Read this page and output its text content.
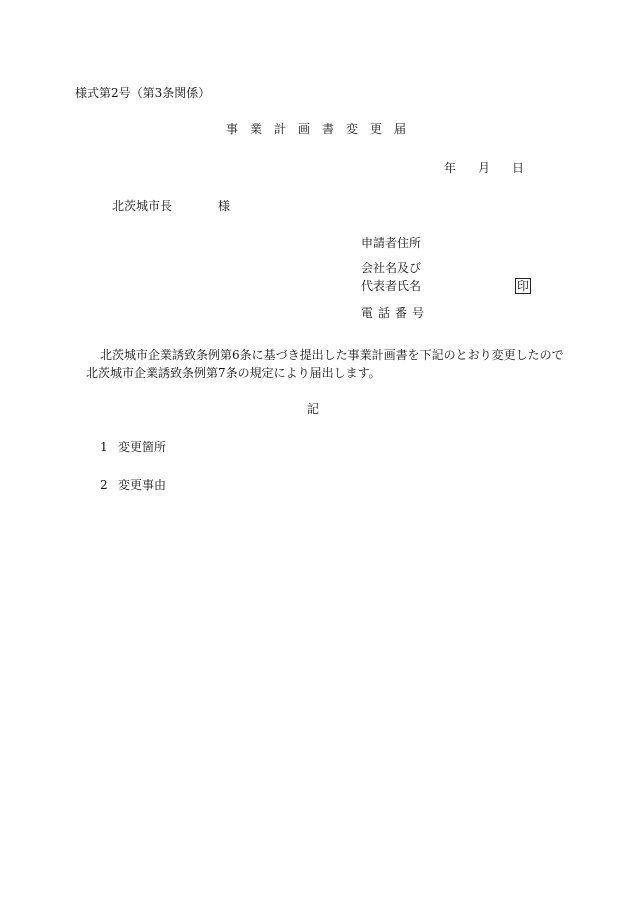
様式第2号（第3条関係）
事業計画書変更届
年 月 日
北茨城市長	様
申請者住所
会社名及び
代表者氏名	印
電話番号
北茨城市企業誘致条例第6条に基づき提出した事業計画書を下記のとおり変更したので北茨城市企業誘致条例第7条の規定により届出します。
記
1 変更箇所
2 変更事由
